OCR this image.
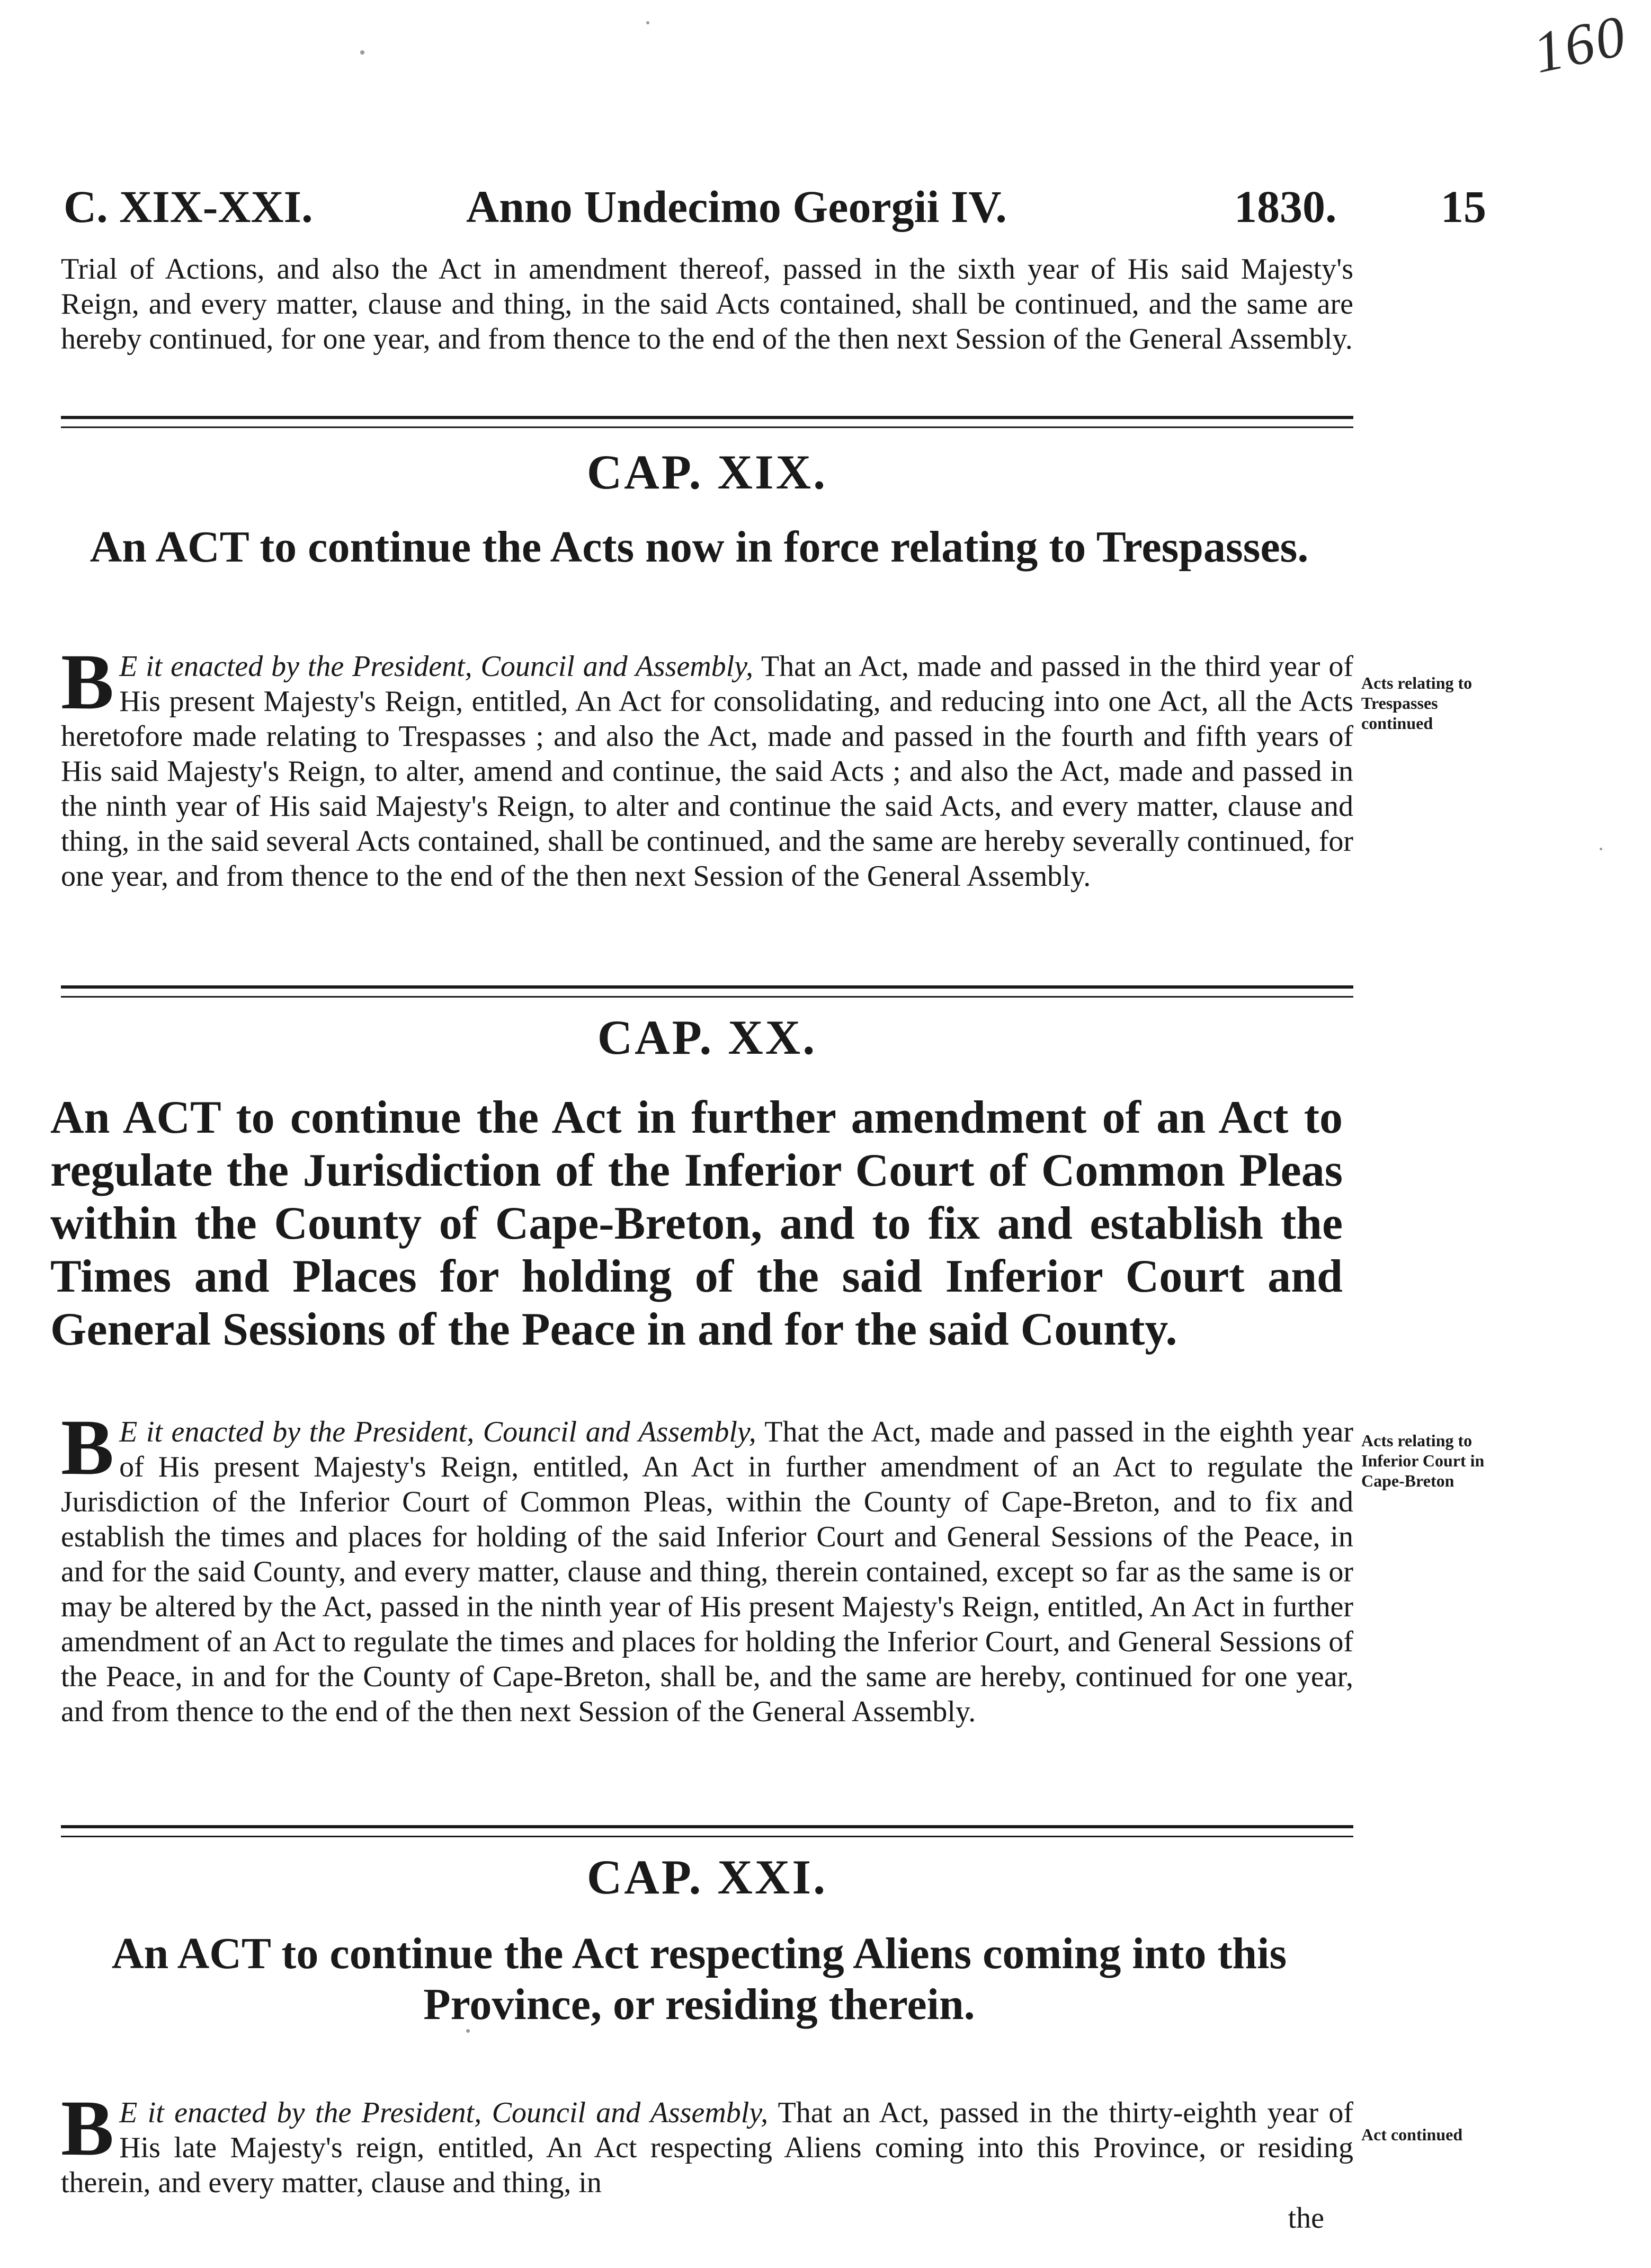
160
C. XIX-XXI.	Anno Undecimo Georgii IV.	1830. 15
Trial of Actions, and also the Act in amendment thereof, passed in the sixth year of His said Majesty's Reign, and every matter, clause and thing, in the said Acts contained, shall be continued, and the same are hereby continued, for one year, and from thence to the end of the then next Session of the General Assembly.
CAP. XIX.
An ACT to continue the Acts now in force relating to Trespasses.
B E it enacted by the President, Council and Assembly, That an Act, made and passed in the third year of His present Majesty's Reign, entitled, An Act for consolidating, and reducing into one Act, all the Acts heretofore made relating to Trespasses ; and also the Act, made and passed in the fourth and fifth years of His said Majesty's Reign, to alter, amend and continue, the said Acts ; and also the Act, made and passed in the ninth year of His said Majesty's Reign, to alter and continue the said Acts, and every matter, clause and thing, in the said several Acts contained, shall be continued, and the same are hereby severally continued, for one year, and from thence to the end of the then next Session of the General Assembly.
Acts relating to Trespasses continued
CAP. XX.
An ACT to continue the Act in further amendment of an Act to regulate the Jurisdiction of the Inferior Court of Common Pleas within the County of Cape-Breton, and to fix and establish the Times and Places for holding of the said Inferior Court and General Sessions of the Peace in and for the said County.
B E it enacted by the President, Council and Assembly, That the Act, made and passed in the eighth year of His present Majesty's Reign, entitled, An Act in further amendment of an Act to regulate the Jurisdiction of the Inferior Court of Common Pleas, within the County of Cape-Breton, and to fix and establish the times and places for holding of the said Inferior Court and General Sessions of the Peace, in and for the said County, and every matter, clause and thing, therein contained, except so far as the same is or may be altered by the Act, passed in the ninth year of His present Majesty's Reign, entitled, An Act in further amendment of an Act to regulate the times and places for holding the Inferior Court, and General Sessions of the Peace, in and for the County of Cape-Breton, shall be, and the same are hereby, continued for one year, and from thence to the end of the then next Session of the General Assembly.
Acts relating to Inferior Court in Cape-Breton
CAP. XXI.
An ACT to continue the Act respecting Aliens coming into this Province, or residing therein.
B E it enacted by the President, Council and Assembly, That an Act, passed in the thirty-eighth year of His late Majesty's reign, entitled, An Act respecting Aliens coming into this Province, or residing therein, and every matter, clause and thing, in
Act continued
the
